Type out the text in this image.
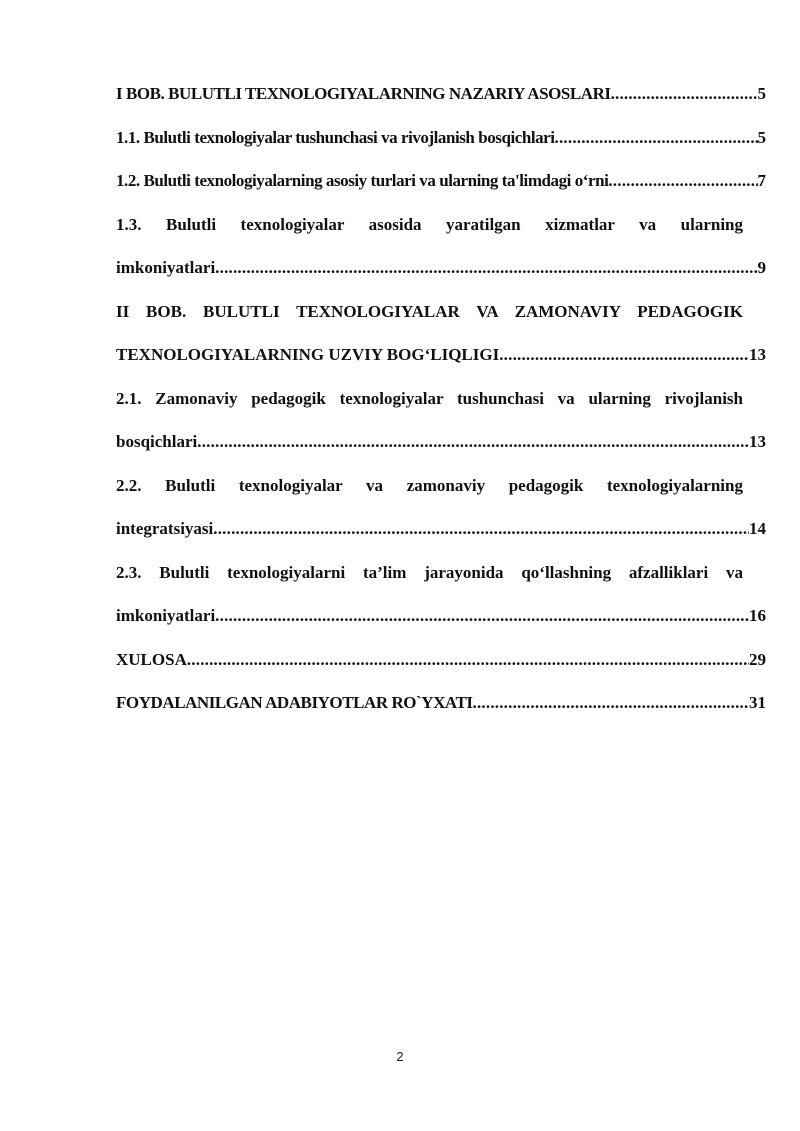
I BOB. BULUTLI TEXNOLOGIYALARNING NAZARIY ASOSLARI .....	5
1.1. Bulutli texnologiyalar tushunchasi va rivojlanish bosqichlari .....	5
1.2. Bulutli texnologiyalarning asosiy turlari va ularning ta'limdagi o‘rni .....	7
1.3. Bulutli texnologiyalar asosida yaratilgan xizmatlar va ularning
imkoniyatlari .....	9
II BOB. BULUTLI TEXNOLOGIYALAR VA ZAMONAVIY PEDAGOGIK
TEXNOLOGIYALARNING UZVIY BOG‘LIQLIGI .....	13
2.1. Zamonaviy pedagogik texnologiyalar tushunchasi va ularning rivojlanish
bosqichlari .....	13
2.2. Bulutli texnologiyalar va zamonaviy pedagogik texnologiyalarning
integratsiyasi .....	14
2.3. Bulutli texnologiyalarni ta’lim jarayonida qo‘llashning afzalliklari va
imkoniyatlari .....	16
XULOSA .....	29
FOYDALANILGAN ADABIYOTLAR RO`YXATI .....	31
2
